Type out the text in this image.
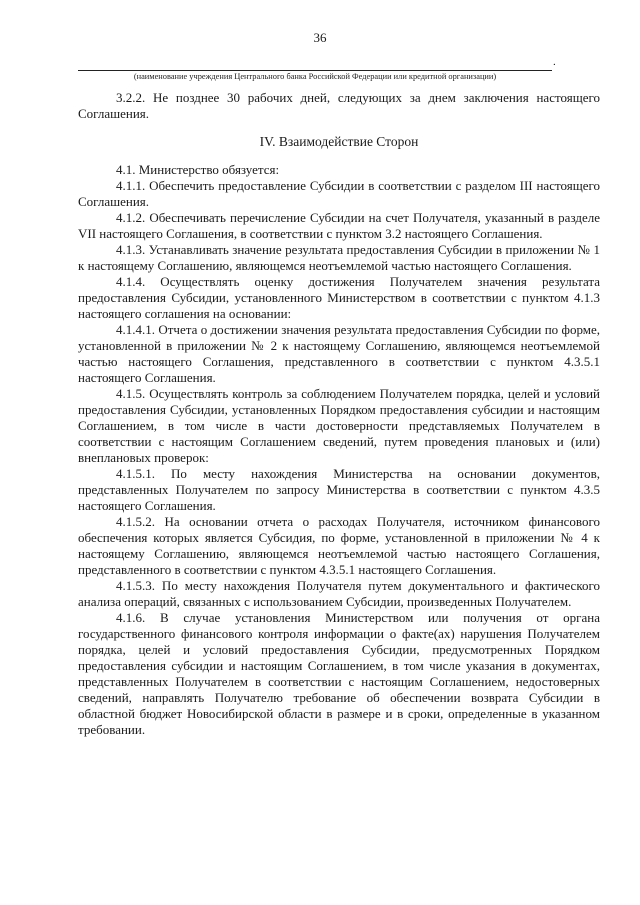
36
.
(наименование учреждения Центрального банка Российской Федерации или кредитной организации)

3.2.2. Не позднее 30 рабочих дней, следующих за днем заключения настоящего Соглашения.

IV. Взаимодействие Сторон

4.1. Министерство обязуется:

4.1.1. Обеспечить предоставление Субсидии в соответствии с разделом III настоящего Соглашения.

4.1.2. Обеспечивать перечисление Субсидии на счет Получателя, указанный в разделе VII настоящего Соглашения, в соответствии с пунктом 3.2 настоящего Соглашения.

4.1.3. Устанавливать значение результата предоставления Субсидии в приложении № 1 к настоящему Соглашению, являющемся неотъемлемой частью настоящего Соглашения.

4.1.4. Осуществлять оценку достижения Получателем значения результата предоставления Субсидии, установленного Министерством в соответствии с пунктом 4.1.3 настоящего соглашения на основании:

4.1.4.1. Отчета о достижении значения результата предоставления Субсидии по форме, установленной в приложении № 2 к настоящему Соглашению, являющемся неотъемлемой частью настоящего Соглашения, представленного в соответствии с пунктом 4.3.5.1 настоящего Соглашения.

4.1.5. Осуществлять контроль за соблюдением Получателем порядка, целей и условий предоставления Субсидии, установленных Порядком предоставления субсидии и настоящим Соглашением, в том числе в части достоверности представляемых Получателем в соответствии с настоящим Соглашением сведений, путем проведения плановых и (или) внеплановых проверок:

4.1.5.1. По месту нахождения Министерства на основании документов, представленных Получателем по запросу Министерства в соответствии с пунктом 4.3.5 настоящего Соглашения.

4.1.5.2. На основании отчета о расходах Получателя, источником финансового обеспечения которых является Субсидия, по форме, установленной в приложении № 4 к настоящему Соглашению, являющемся неотъемлемой частью настоящего Соглашения, представленного в соответствии с пунктом 4.3.5.1 настоящего Соглашения.

4.1.5.3. По месту нахождения Получателя путем документального и фактического анализа операций, связанных с использованием Субсидии, произведенных Получателем.

4.1.6. В случае установления Министерством или получения от органа государственного финансового контроля информации о факте(ах) нарушения Получателем порядка, целей и условий предоставления Субсидии, предусмотренных Порядком предоставления субсидии и настоящим Соглашением, в том числе указания в документах, представленных Получателем в соответствии с настоящим Соглашением, недостоверных сведений, направлять Получателю требование об обеспечении возврата Субсидии в областной бюджет Новосибирской области в размере и в сроки, определенные в указанном требовании.
